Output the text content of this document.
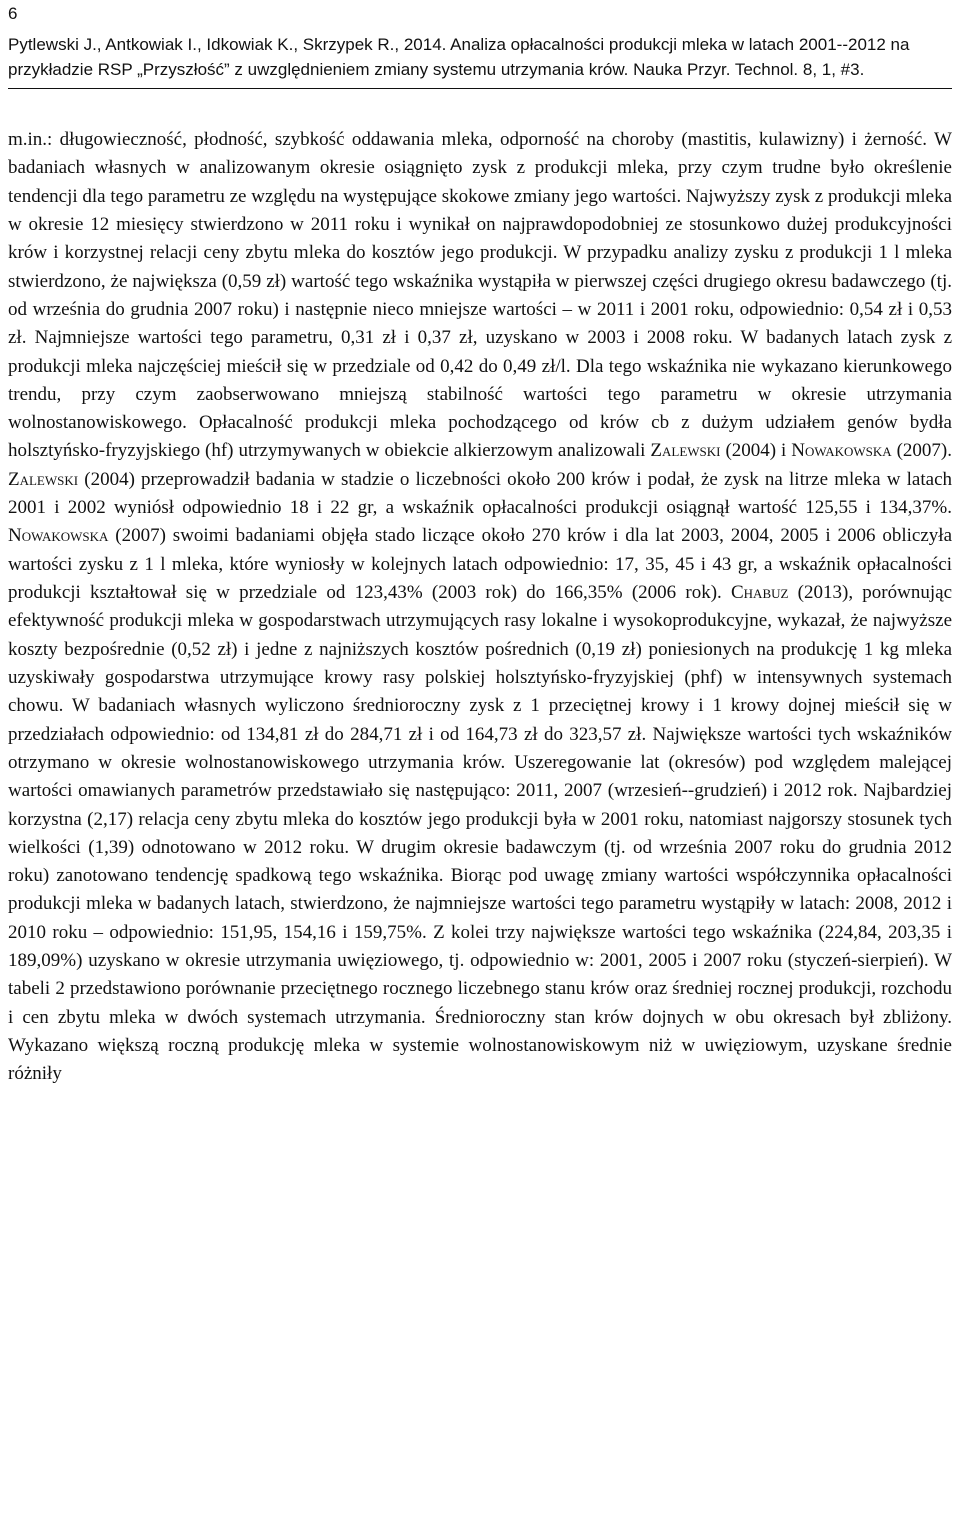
6
Pytlewski J., Antkowiak I., Idkowiak K., Skrzypek R., 2014. Analiza opłacalności produkcji mleka w latach 2001--2012 na przykładzie RSP „Przyszłość” z uwzględnieniem zmiany systemu utrzymania krów. Nauka Przyr. Technol. 8, 1, #3.

m.in.: długowieczność, płodność, szybkość oddawania mleka, odporność na choroby (mastitis, kulawizny) i żerność. W badaniach własnych w analizowanym okresie osiągnięto zysk z produkcji mleka, przy czym trudne było określenie tendencji dla tego parametru ze względu na występujące skokowe zmiany jego wartości. Najwyższy zysk z produkcji mleka w okresie 12 miesięcy stwierdzono w 2011 roku i wynikał on najprawdopodobniej ze stosunkowo dużej produkcyjności krów i korzystnej relacji ceny zbytu mleka do kosztów jego produkcji. W przypadku analizy zysku z produkcji 1 l mleka stwierdzono, że największa (0,59 zł) wartość tego wskaźnika wystąpiła w pierwszej części drugiego okresu badawczego (tj. od września do grudnia 2007 roku) i następnie nieco mniejsze wartości – w 2011 i 2001 roku, odpowiednio: 0,54 zł i 0,53 zł. Najmniejsze wartości tego parametru, 0,31 zł i 0,37 zł, uzyskano w 2003 i 2008 roku. W badanych latach zysk z produkcji mleka najczęściej mieścił się w przedziale od 0,42 do 0,49 zł/l. Dla tego wskaźnika nie wykazano kierunkowego trendu, przy czym zaobserwowano mniejszą stabilność wartości tego parametru w okresie utrzymania wolnostanowiskowego. Opłacalność produkcji mleka pochodzącego od krów cb z dużym udziałem genów bydła holsztyńsko-fryzyjskiego (hf) utrzymywanych w obiekcie alkierzowym analizowali Zalewski (2004) i Nowakowska (2007). Zalewski (2004) przeprowadził badania w stadzie o liczebności około 200 krów i podał, że zysk na litrze mleka w latach 2001 i 2002 wyniósł odpowiednio 18 i 22 gr, a wskaźnik opłacalności produkcji osiągnął wartość 125,55 i 134,37%. Nowakowska (2007) swoimi badaniami objęła stado liczące około 270 krów i dla lat 2003, 2004, 2005 i 2006 obliczyła wartości zysku z 1 l mleka, które wyniosły w kolejnych latach odpowiednio: 17, 35, 45 i 43 gr, a wskaźnik opłacalności produkcji kształtował się w przedziale od 123,43% (2003 rok) do 166,35% (2006 rok). Chabuz (2013), porównując efektywność produkcji mleka w gospodarstwach utrzymujących rasy lokalne i wysokoprodukcyjne, wykazał, że najwyższe koszty bezpośrednie (0,52 zł) i jedne z najniższych kosztów pośrednich (0,19 zł) poniesionych na produkcję 1 kg mleka uzyskiwały gospodarstwa utrzymujące krowy rasy polskiej holsztyńsko-fryzyjskiej (phf) w intensywnych systemach chowu. W badaniach własnych wyliczono średnioroczny zysk z 1 przeciętnej krowy i 1 krowy dojnej mieścił się w przedziałach odpowiednio: od 134,81 zł do 284,71 zł i od 164,73 zł do 323,57 zł. Największe wartości tych wskaźników otrzymano w okresie wolnostanowiskowego utrzymania krów. Uszeregowanie lat (okresów) pod względem malejącej wartości omawianych parametrów przedstawiało się następująco: 2011, 2007 (wrzesień--grudzień) i 2012 rok. Najbardziej korzystna (2,17) relacja ceny zbytu mleka do kosztów jego produkcji była w 2001 roku, natomiast najgorszy stosunek tych wielkości (1,39) odnotowano w 2012 roku. W drugim okresie badawczym (tj. od września 2007 roku do grudnia 2012 roku) zanotowano tendencję spadkową tego wskaźnika. Biorąc pod uwagę zmiany wartości współczynnika opłacalności produkcji mleka w badanych latach, stwierdzono, że najmniejsze wartości tego parametru wystąpiły w latach: 2008, 2012 i 2010 roku – odpowiednio: 151,95, 154,16 i 159,75%. Z kolei trzy największe wartości tego wskaźnika (224,84, 203,35 i 189,09%) uzyskano w okresie utrzymania uwięziowego, tj. odpowiednio w: 2001, 2005 i 2007 roku (styczeń-sierpień). W tabeli 2 przedstawiono porównanie przeciętnego rocznego liczebnego stanu krów oraz średniej rocznej produkcji, rozchodu i cen zbytu mleka w dwóch systemach utrzymania. Średnioroczny stan krów dojnych w obu okresach był zbliżony. Wykazano większą roczną produkcję mleka w systemie wolnostanowiskowym niż w uwięziowym, uzyskane średnie różniły
